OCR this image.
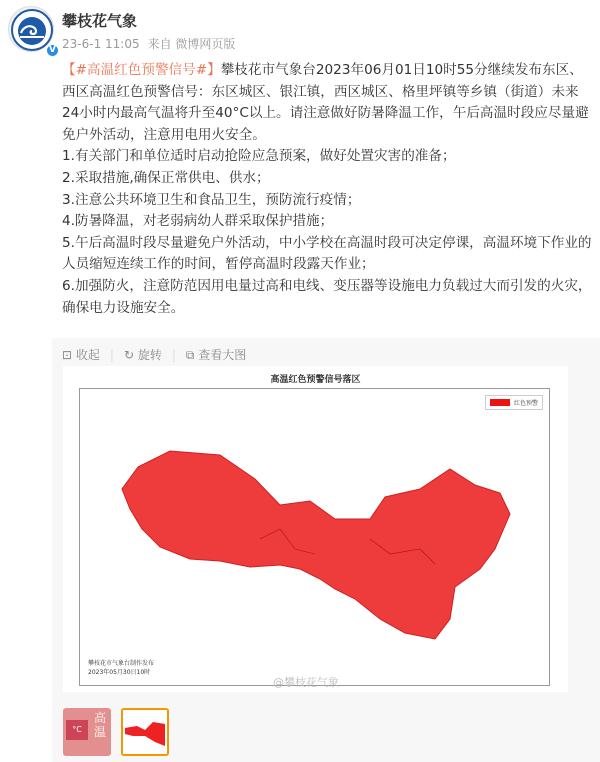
V
攀枝花气象
23-6-1 11:05 来自 微博网页版

【#高温红色预警信号#】攀枝花市气象台2023年06月01日10时55分继续发布东区、西区高温红色预警信号：东区城区、银江镇，西区城区、格里坪镇等乡镇（街道）未来24小时内最高气温将升至40°C以上。请注意做好防暑降温工作，午后高温时段应尽量避免户外活动，注意用电用火安全。

1.有关部门和单位适时启动抢险应急预案，做好处置灾害的准备；

2.采取措施,确保正常供电、供水；

3.注意公共环境卫生和食品卫生，预防流行疫情；

4.防暑降温，对老弱病幼人群采取保护措施；

5.午后高温时段尽量避免户外活动，中小学校在高温时段可决定停课，高温环境下作业的人员缩短连续工作的时间，暂停高温时段露天作业；

6.加强防火，注意防范因用电量过高和电线、变压器等设施电力负载过大而引发的火灾，确保电力设施安全。

⊡ 收起 | ↻ 旋转 | ⧉ 查看大图
高温红色预警信号落区
红色预警
攀枝花市气象台制作发布
2023年05月30日10时
@攀枝花气象
°C
高温
